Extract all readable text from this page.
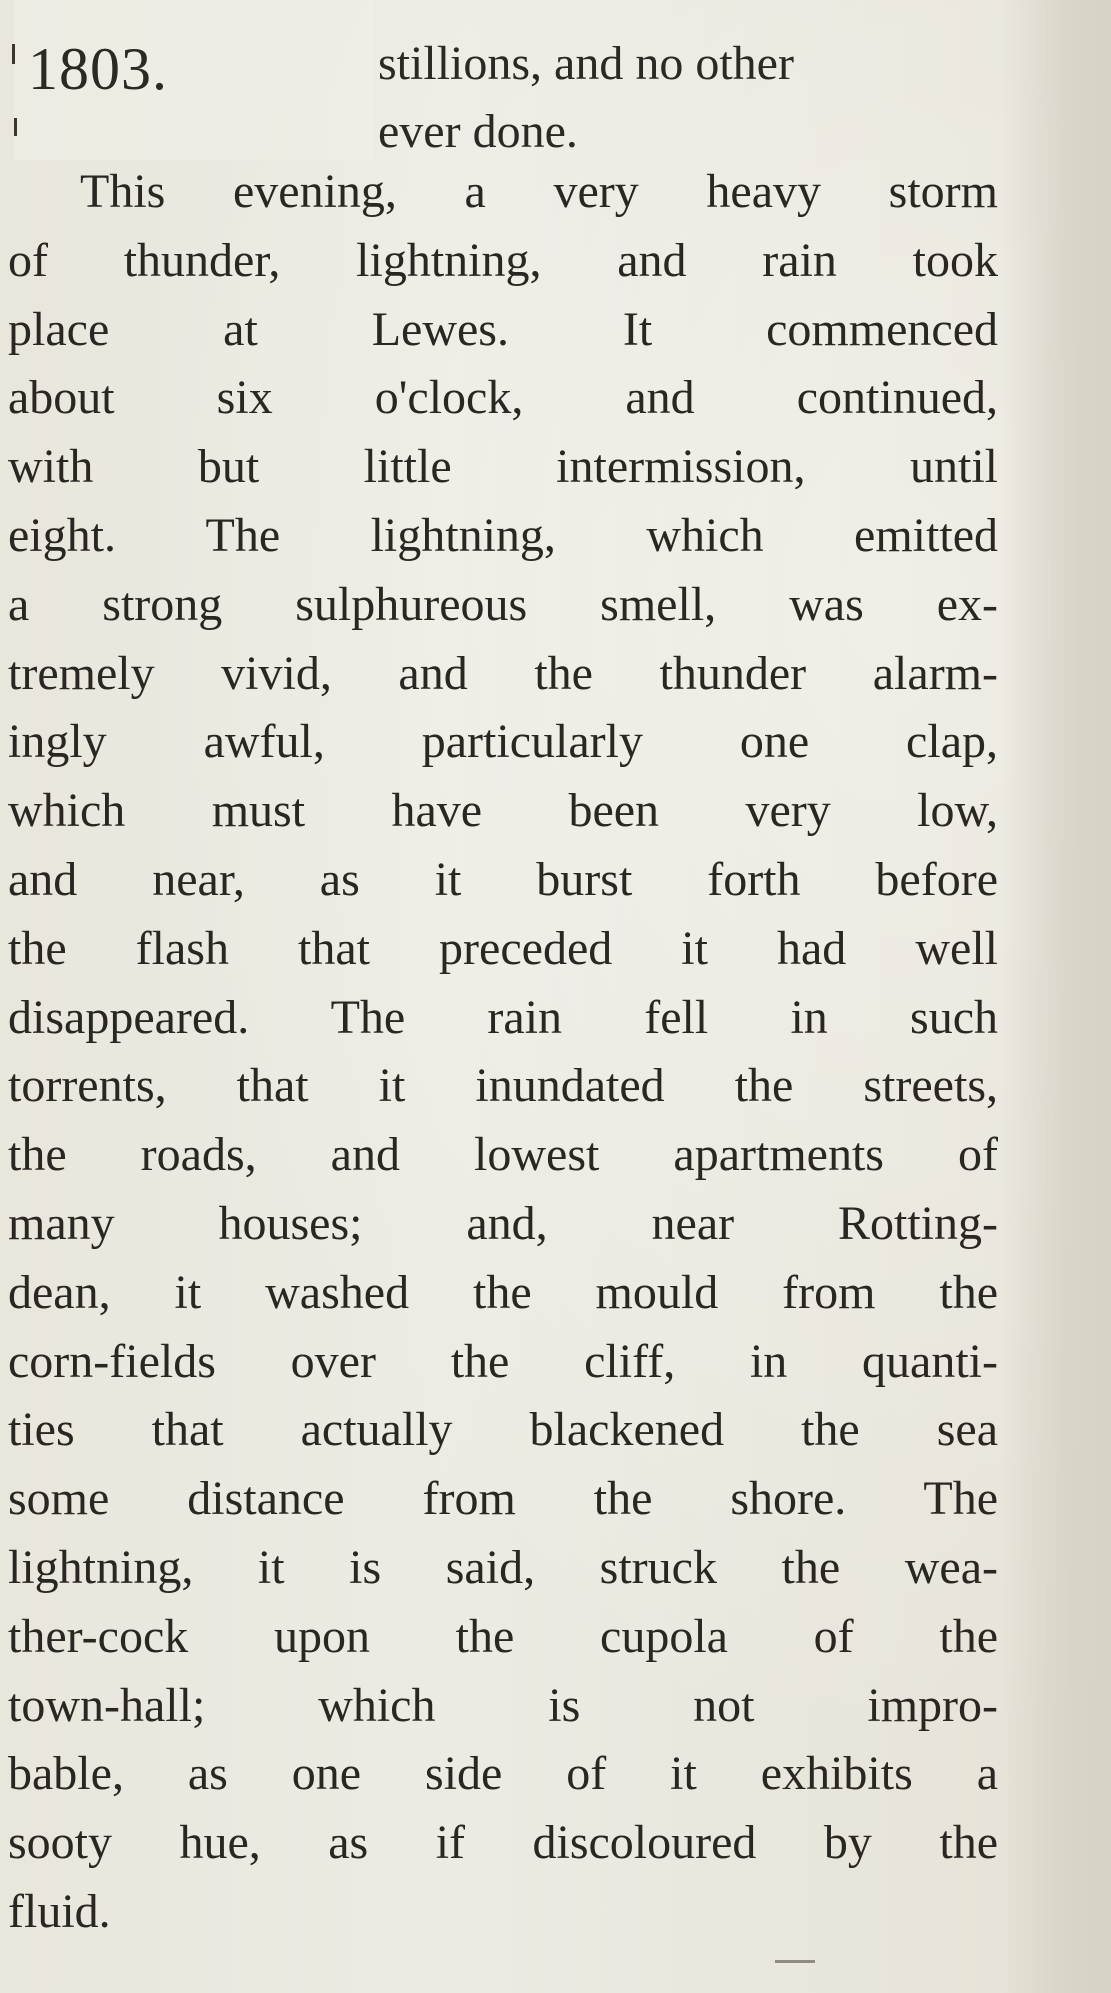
1803.	stillions, and no other
ever done.
This evening, a very heavy storm
of thunder, lightning, and rain took
place at Lewes. It commenced
about six o'clock, and continued,
with but little intermission, until
eight. The lightning, which emitted
a strong sulphureous smell, was ex-
tremely vivid, and the thunder alarm-
ingly awful, particularly one clap,
which must have been very low,
and near, as it burst forth before
the flash that preceded it had well
disappeared. The rain fell in such
torrents, that it inundated the streets,
the roads, and lowest apartments of
many houses; and, near Rotting-
dean, it washed the mould from the
corn-fields over the cliff, in quanti-
ties that actually blackened the sea
some distance from the shore. The
lightning, it is said, struck the wea-
ther-cock upon the cupola of the
town-hall; which is not impro-
bable, as one side of it exhibits a
sooty hue, as if discoloured by the
fluid.
